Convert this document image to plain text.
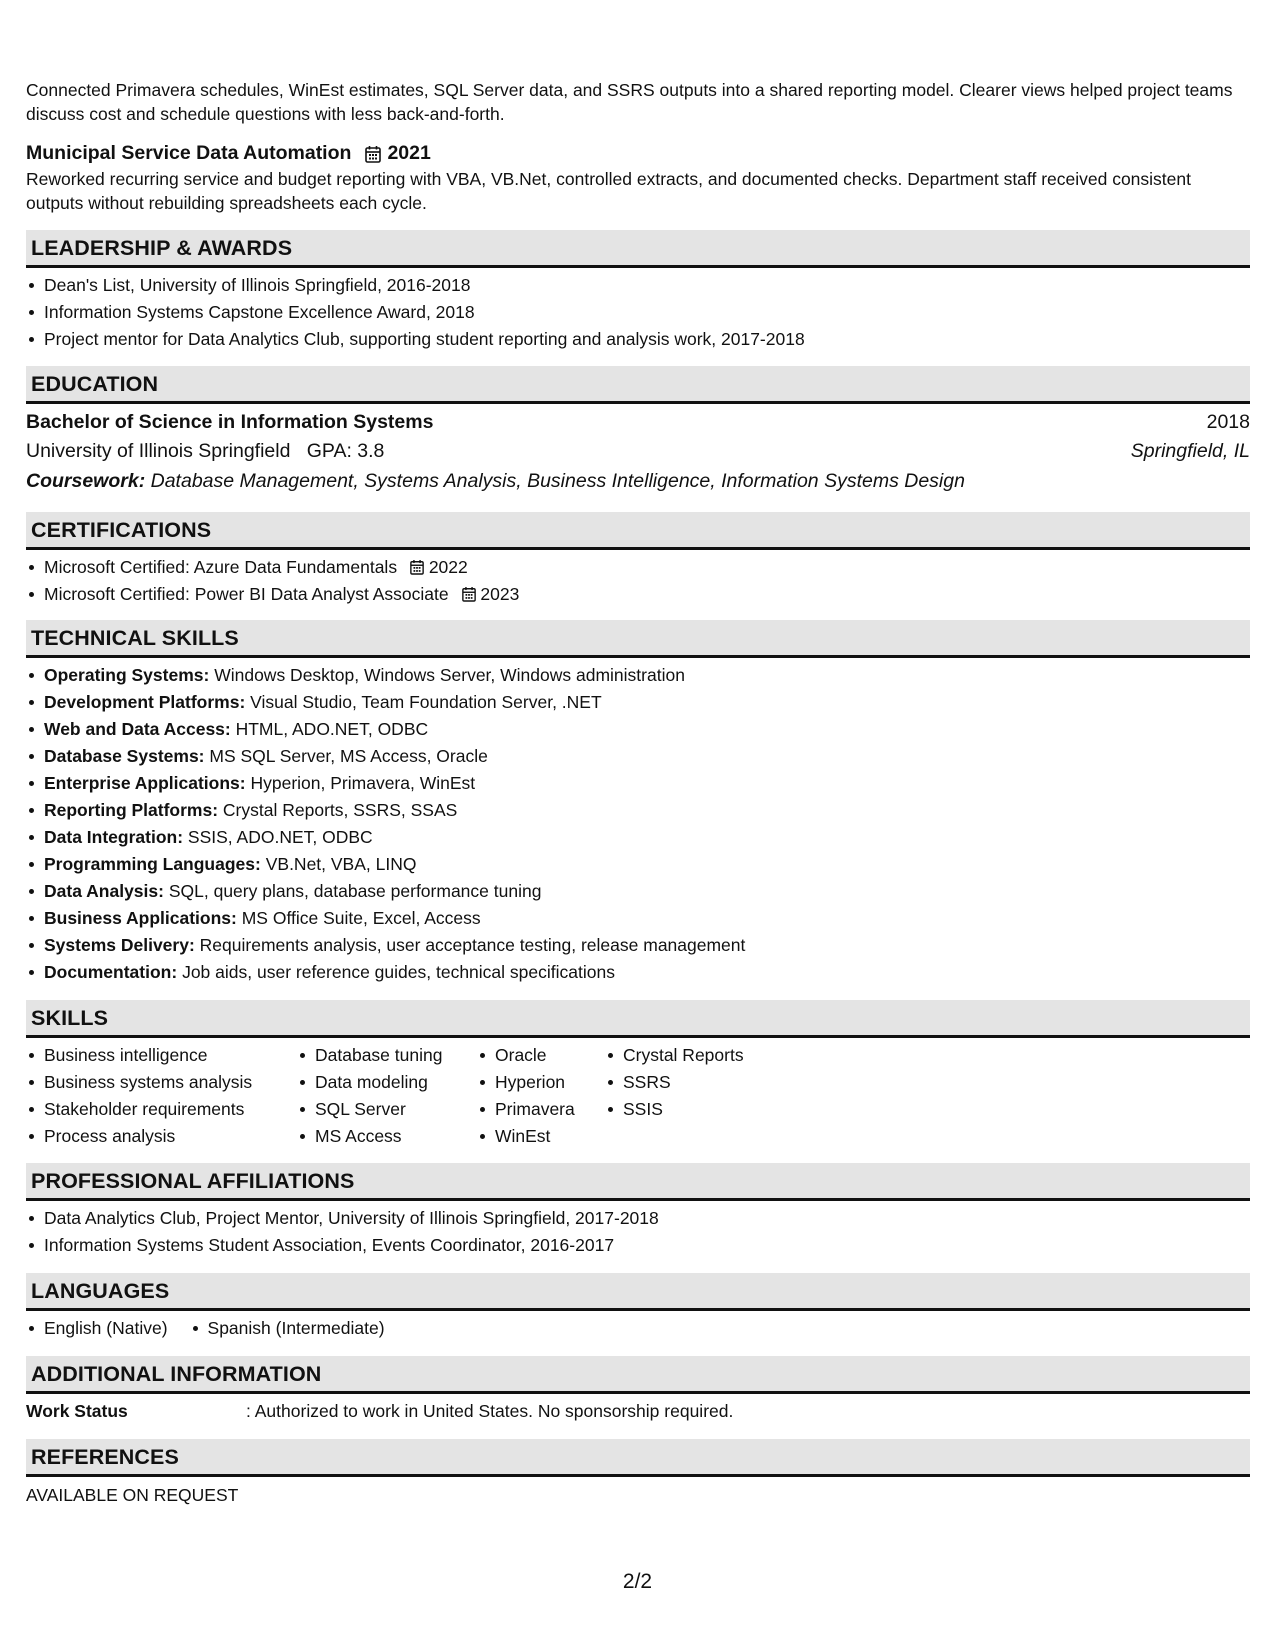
Connected Primavera schedules, WinEst estimates, SQL Server data, and SSRS outputs into a shared reporting model. Clearer views helped project teams discuss cost and schedule questions with less back-and-forth.

Municipal Service Data Automation 2021

Reworked recurring service and budget reporting with VBA, VB.Net, controlled extracts, and documented checks. Department staff received consistent outputs without rebuilding spreadsheets each cycle.

LEADERSHIP & AWARDS
Dean's List, University of Illinois Springfield, 2016-2018
Information Systems Capstone Excellence Award, 2018
Project mentor for Data Analytics Club, supporting student reporting and analysis work, 2017-2018
EDUCATION
Bachelor of Science in Information Systems	2018
University of Illinois Springfield GPA: 3.8	Springfield, IL
Coursework: Database Management, Systems Analysis, Business Intelligence, Information Systems Design
CERTIFICATIONS
Microsoft Certified: Azure Data Fundamentals 2022
Microsoft Certified: Power BI Data Analyst Associate 2023
TECHNICAL SKILLS
Operating Systems: Windows Desktop, Windows Server, Windows administration
Development Platforms: Visual Studio, Team Foundation Server, .NET
Web and Data Access: HTML, ADO.NET, ODBC
Database Systems: MS SQL Server, MS Access, Oracle
Enterprise Applications: Hyperion, Primavera, WinEst
Reporting Platforms: Crystal Reports, SSRS, SSAS
Data Integration: SSIS, ADO.NET, ODBC
Programming Languages: VB.Net, VBA, LINQ
Data Analysis: SQL, query plans, database performance tuning
Business Applications: MS Office Suite, Excel, Access
Systems Delivery: Requirements analysis, user acceptance testing, release management
Documentation: Job aids, user reference guides, technical specifications
SKILLS
Business intelligence
Business systems analysis
Stakeholder requirements
Process analysis
Database tuning
Data modeling
SQL Server
MS Access
Oracle
Hyperion
Primavera
WinEst
Crystal Reports
SSRS
SSIS
PROFESSIONAL AFFILIATIONS
Data Analytics Club, Project Mentor, University of Illinois Springfield, 2017-2018
Information Systems Student Association, Events Coordinator, 2016-2017
LANGUAGES
English (Native)	Spanish (Intermediate)
ADDITIONAL INFORMATION
Work Status	: Authorized to work in United States. No sponsorship required.
REFERENCES
AVAILABLE ON REQUEST
2/2
